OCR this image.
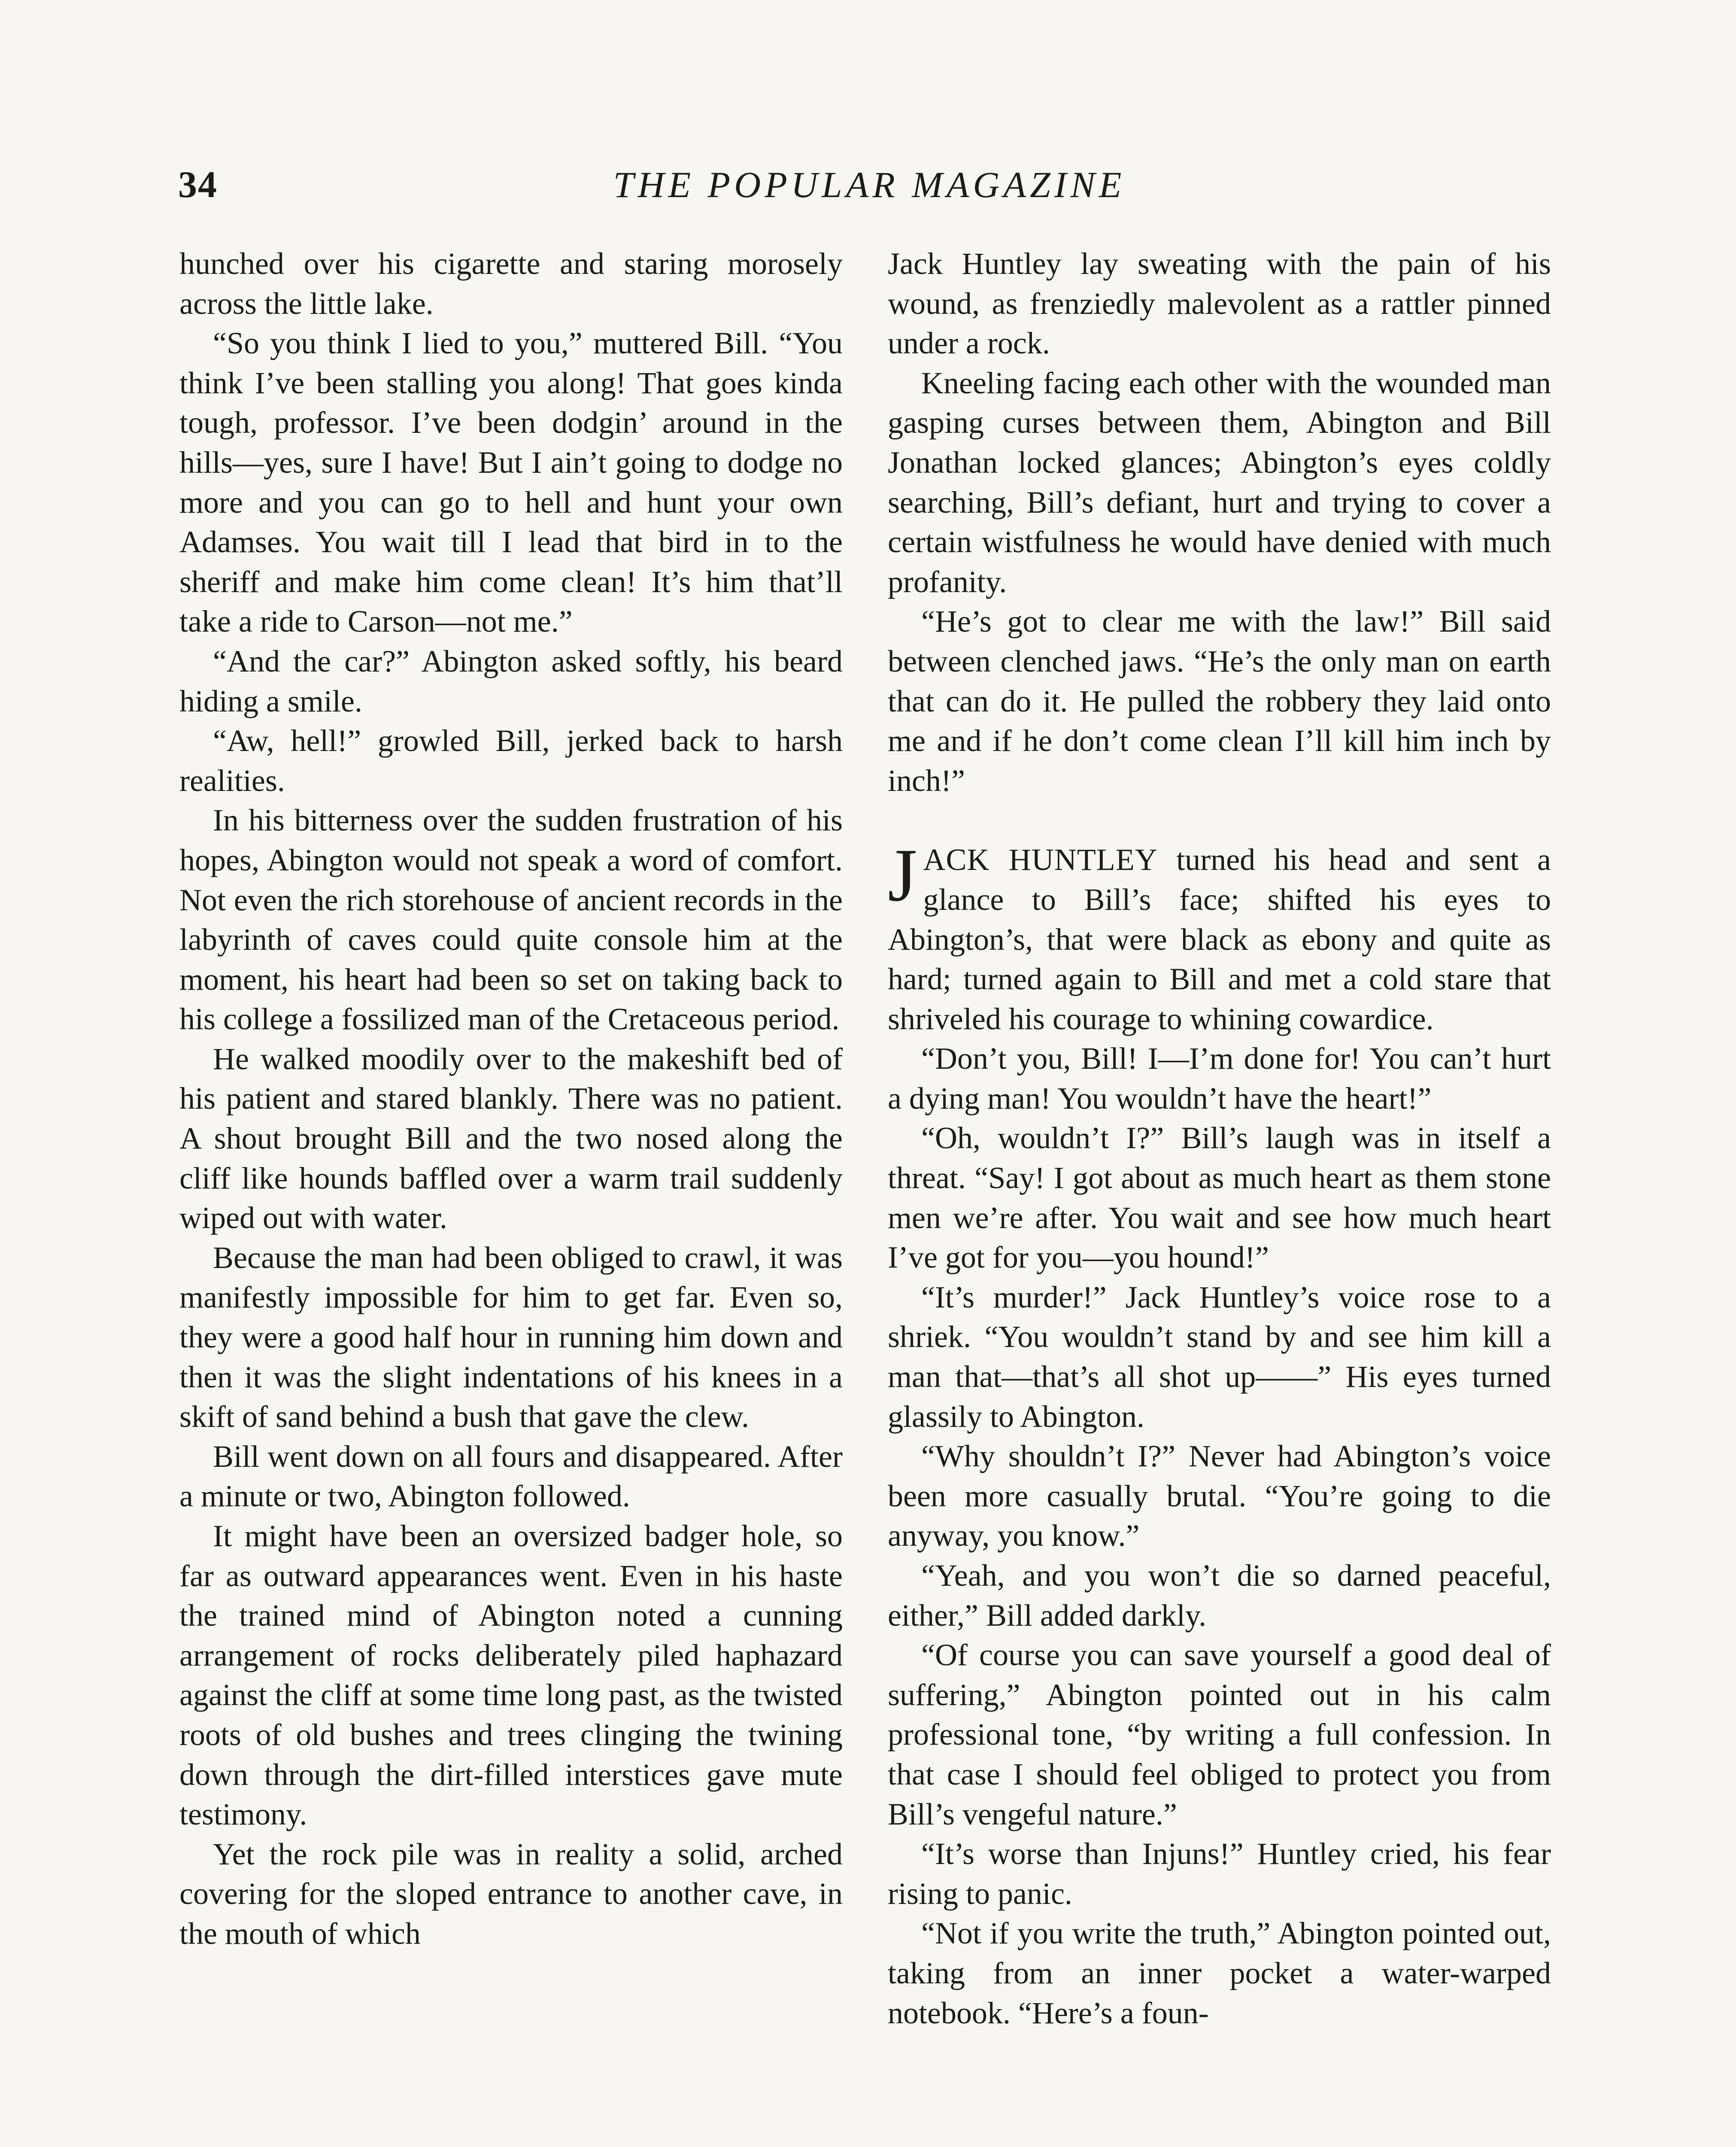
34	THE POPULAR MAGAZINE

hunched over his cigarette and staring morosely across the little lake.

“So you think I lied to you,” muttered Bill. “You think I’ve been stalling you along! That goes kinda tough, professor. I’ve been dodgin’ around in the hills—yes, sure I have! But I ain’t going to dodge no more and you can go to hell and hunt your own Adamses. You wait till I lead that bird in to the sheriff and make him come clean! It’s him that’ll take a ride to Carson—not me.”

“And the car?” Abington asked softly, his beard hiding a smile.

“Aw, hell!” growled Bill, jerked back to harsh realities.

In his bitterness over the sudden frustration of his hopes, Abington would not speak a word of comfort. Not even the rich storehouse of ancient records in the labyrinth of caves could quite console him at the moment, his heart had been so set on taking back to his college a fossilized man of the Cretaceous period.

He walked moodily over to the makeshift bed of his patient and stared blankly. There was no patient. A shout brought Bill and the two nosed along the cliff like hounds baffled over a warm trail suddenly wiped out with water.

Because the man had been obliged to crawl, it was manifestly impossible for him to get far. Even so, they were a good half hour in running him down and then it was the slight indentations of his knees in a skift of sand behind a bush that gave the clew.

Bill went down on all fours and disappeared. After a minute or two, Abington followed.

It might have been an oversized badger hole, so far as outward appearances went. Even in his haste the trained mind of Abington noted a cunning arrangement of rocks deliberately piled haphazard against the cliff at some time long past, as the twisted roots of old bushes and trees clinging the twining down through the dirt-filled interstices gave mute testimony.

Yet the rock pile was in reality a solid, arched covering for the sloped entrance to another cave, in the mouth of which

Jack Huntley lay sweating with the pain of his wound, as frenziedly malevolent as a rattler pinned under a rock.

Kneeling facing each other with the wounded man gasping curses between them, Abington and Bill Jonathan locked glances; Abington’s eyes coldly searching, Bill’s defiant, hurt and trying to cover a certain wistfulness he would have denied with much profanity.

“He’s got to clear me with the law!” Bill said between clenched jaws. “He’s the only man on earth that can do it. He pulled the robbery they laid onto me and if he don’t come clean I’ll kill him inch by inch!”

JACK HUNTLEY turned his head and sent a glance to Bill’s face; shifted his eyes to Abington’s, that were black as ebony and quite as hard; turned again to Bill and met a cold stare that shriveled his courage to whining cowardice.

“Don’t you, Bill! I—I’m done for! You can’t hurt a dying man! You wouldn’t have the heart!”

“Oh, wouldn’t I?” Bill’s laugh was in itself a threat. “Say! I got about as much heart as them stone men we’re after. You wait and see how much heart I’ve got for you—you hound!”

“It’s murder!” Jack Huntley’s voice rose to a shriek. “You wouldn’t stand by and see him kill a man that—that’s all shot up——” His eyes turned glassily to Abington.

“Why shouldn’t I?” Never had Abington’s voice been more casually brutal. “You’re going to die anyway, you know.”

“Yeah, and you won’t die so darned peaceful, either,” Bill added darkly.

“Of course you can save yourself a good deal of suffering,” Abington pointed out in his calm professional tone, “by writing a full confession. In that case I should feel obliged to protect you from Bill’s vengeful nature.”

“It’s worse than Injuns!” Huntley cried, his fear rising to panic.

“Not if you write the truth,” Abington pointed out, taking from an inner pocket a water-warped notebook. “Here’s a foun-
